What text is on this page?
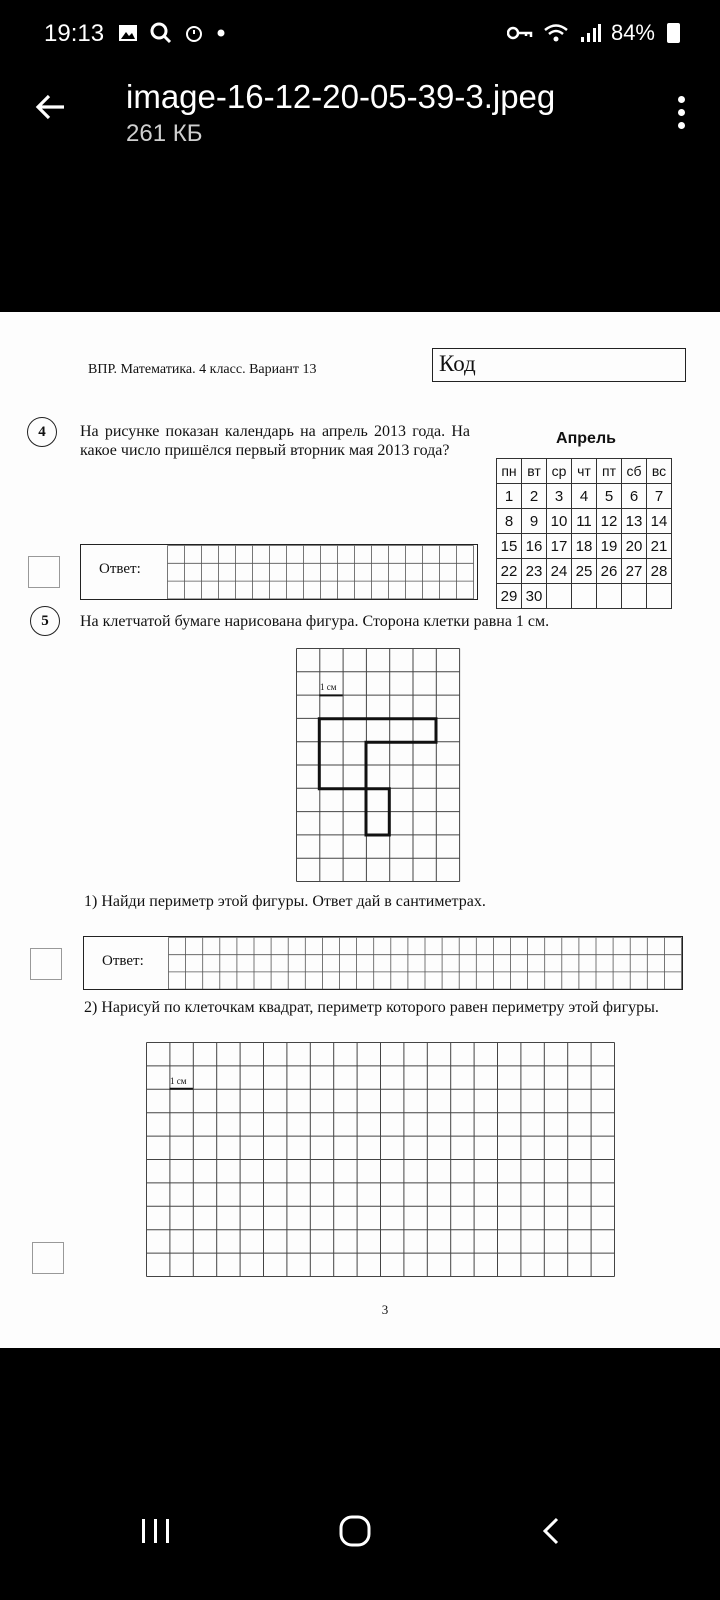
19:13	84%
image-16-12-20-05-39-3.jpeg
261 КБ
ВПР. Математика. 4 класс. Вариант 13	Код
4	На рисунке показан календарь на апрель 2013 года. На какое число пришёлся первый вторник мая 2013 года?
Апрель
пн	вт	ср	чт	пт	сб	вс
1	2	3	4	5	6	7
8	9	10	11	12	13	14
15	16	17	18	19	20	21
22	23	24	25	26	27	28
29	30					
Ответ:
5	На клетчатой бумаге нарисована фигура. Сторона клетки равна 1 см.
1 см
1) Найди периметр этой фигуры. Ответ дай в сантиметрах.
Ответ:
2) Нарисуй по клеточкам квадрат, периметр которого равен периметру этой фигуры.
1 см
3
